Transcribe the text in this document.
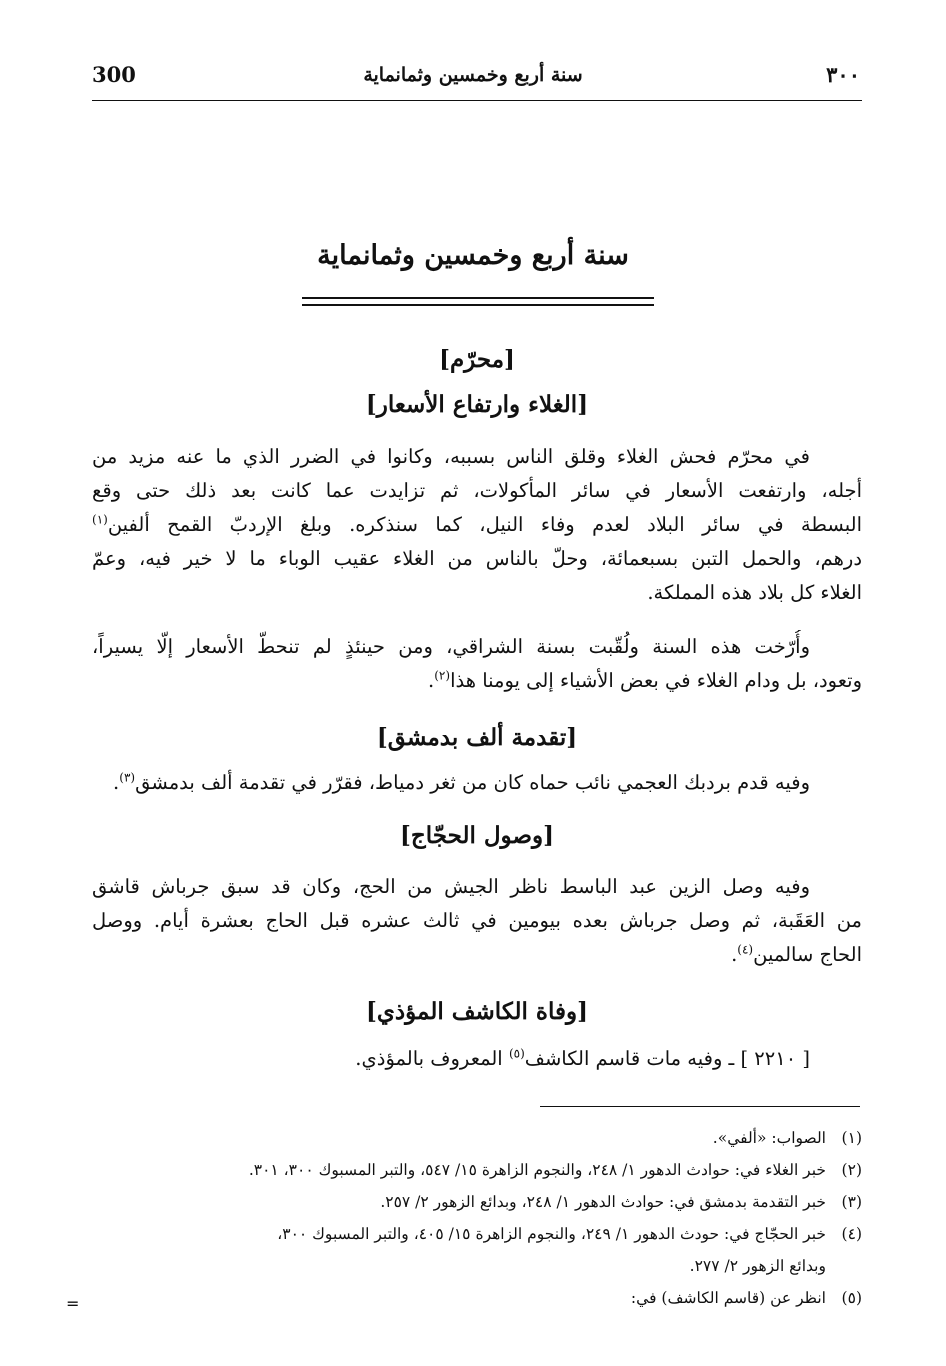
300	سنة أربع وخمسين وثمانماية	٣٠٠
سنة أربع وخمسين وثمانماية
[محرّم]
[الغلاء وارتفاع الأسعار]
في محرّم فحش الغلاء وقلق الناس بسببه، وكانوا في الضرر الذي ما عنه مزيد من
أجله، وارتفعت الأسعار في سائر المأكولات، ثم تزايدت عما كانت بعد ذلك حتى وقع
البسطة في سائر البلاد لعدم وفاء النيل، كما سنذكره. وبلغ الإردبّ القمح ألفين$^{(١)}$
درهم، والحمل التبن بسبعمائة، وحلّ بالناس من الغلاء عقيب الوباء ما لا خير فيه، وعمّ
الغلاء كل بلاد هذه المملكة.
وأُرّخت هذه السنة ولُقّبت بسنة الشراقي، ومن حينئذٍ لم تنحطّ الأسعار إلّا يسيراً،
وتعود، بل ودام الغلاء في بعض الأشياء إلى يومنا هذا$^{(٢)}$.
[تقدمة ألف بدمشق]
وفيه قدم بردبك العجمي نائب حماه كان من ثغر دمياط، فقرّر في تقدمة ألف بدمشق$^{(٣)}$.
[وصول الحجّاج]
وفيه وصل الزين عبد الباسط ناظر الجيش من الحج، وكان قد سبق جرباش قاشق
من العَقَبة، ثم وصل جرباش بعده بيومين في ثالث عشره قبل الحاج بعشرة أيام. ووصل
الحاج سالمين$^{(٤)}$.
[وفاة الكاشف المؤذي]
[ ٢٢١٠ ] ـ وفيه مات قاسم الكاشف$^{(٥)}$ المعروف بالمؤذي.
(١)
الصواب: «ألفي».
(٢)
خبر الغلاء في: حوادث الدهور ١/ ٢٤٨، والنجوم الزاهرة ١٥/ ٥٤٧، والتبر المسبوك ٣٠٠، ٣٠١.
(٣)
خبر التقدمة بدمشق في: حوادث الدهور ١/ ٢٤٨، وبدائع الزهور ٢/ ٢٥٧.
(٤)
خبر الحجّاج في: حودث الدهور ١/ ٢٤٩، والنجوم الزاهرة ١٥/ ٤٠٥، والتبر المسبوك ٣٠٠،
وبدائع الزهور ٢/ ٢٧٧.
(٥)
انظر عن (قاسم الكاشف) في:
=
